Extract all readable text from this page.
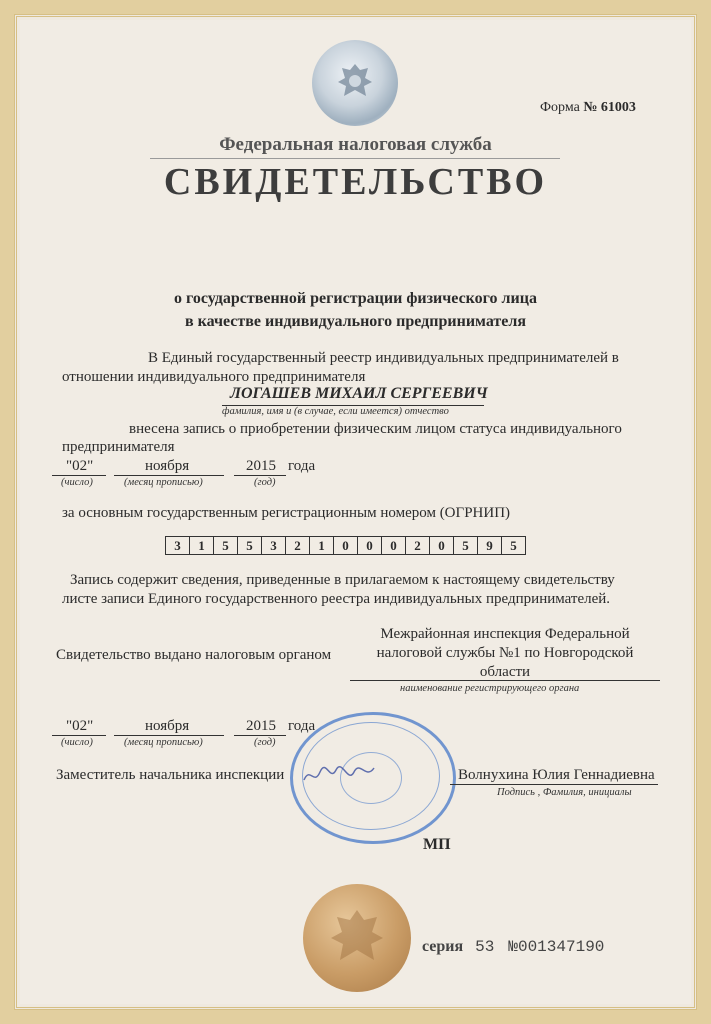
Форма № 61003
Федеральная налоговая служба
СВИДЕТЕЛЬСТВО
о государственной регистрации физического лица
в качестве индивидуального предпринимателя
В Единый государственный реестр индивидуальных предпринимателей в
отношении индивидуального предпринимателя
ЛОГАШЕВ МИХАИЛ СЕРГЕЕВИЧ
фамилия, имя и (в случае, если имеется) отчество
внесена запись о приобретении физическим лицом статуса индивидуального
предпринимателя
"02"	ноября	2015 года
(число)	(месяц прописью)	(год)
за основным государственным регистрационным номером (ОГРНИП)
3	1	5	5	3	2	1	0	0	0	2	0	5	9	5
Запись содержит сведения, приведенные в прилагаемом к настоящему свидетельству
листе записи Единого государственного реестра индивидуальных предпринимателей.
Свидетельство выдано налоговым органом
Межрайонная инспекция Федеральной
налоговой службы №1 по Новгородской
области
наименование регистрирующего органа
"02"	ноября	2015 года
(число)	(месяц прописью)	(год)
Заместитель начальника инспекции	Волнухина Юлия Геннадиевна
Подпись , Фамилия, инициалы
МП
серия 53 №001347190
